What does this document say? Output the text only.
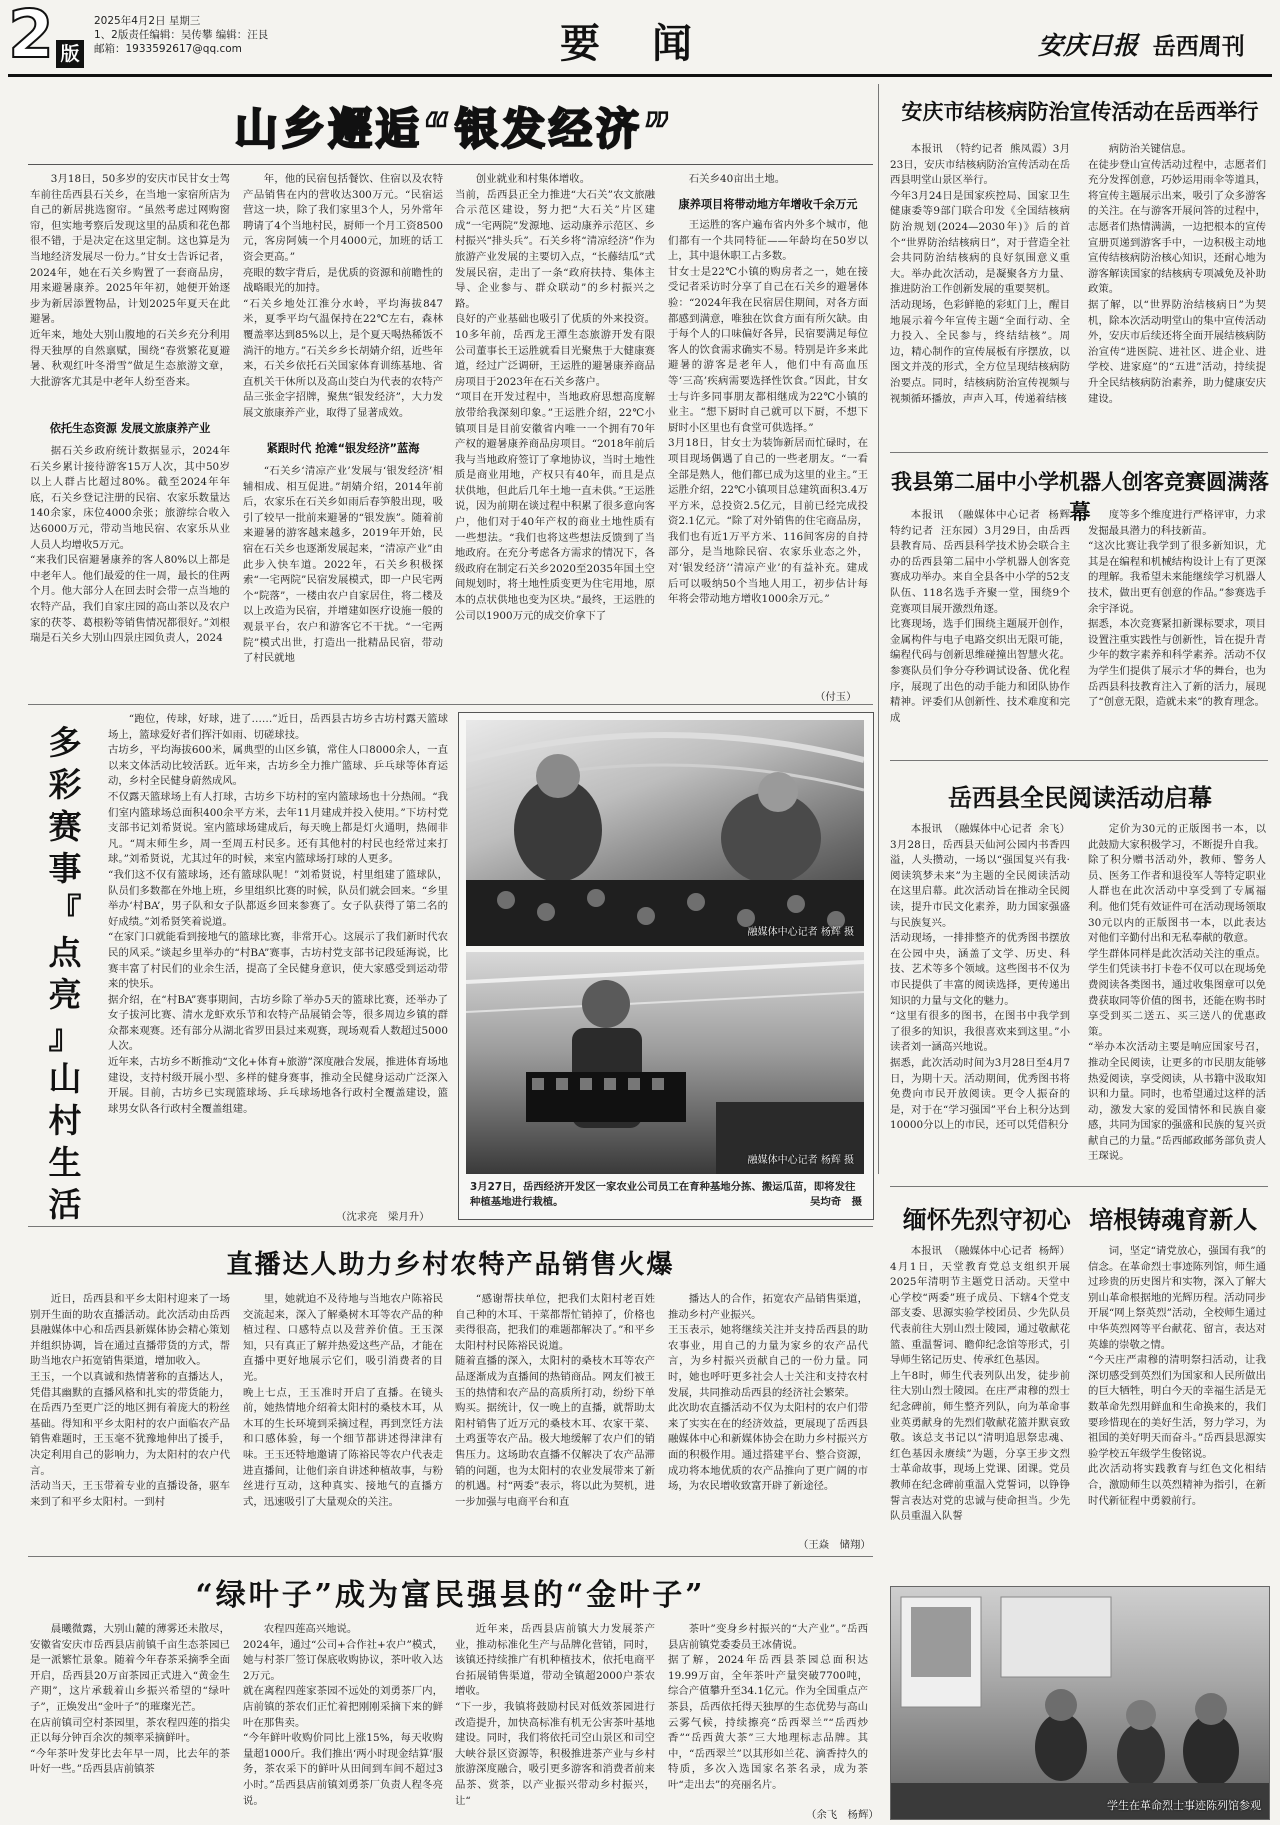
2 版
2025年4月2日 星期三
1、2版责任编辑：吴传攀 编辑：汪艮
邮箱：1933592617@qq.com	要　闻	安庆日报 岳西周刊
山乡邂逅“银发经济”
3月18日，50多岁的安庆市民甘女士驾车前往岳西县石关乡，在当地一家宿所店为自己的新居挑选窗帘。“虽然考虑过网购窗帘，但实地考察后发现这里的品质和花色都很不错，于是决定在这里定制。这也算是为当地经济发展尽一份力。”甘女士告诉记者，2024年，她在石关乡购置了一套商品房，用来避暑康养。2025年年初，她便开始逐步为新居添置物品，计划2025年夏天在此避暑。
近年来，地处大别山腹地的石关乡充分利用得天独厚的自然禀赋，围绕“春赏繁花夏避暑、秋观红叶冬滑雪”做足生态旅游文章，大批游客尤其是中老年人纷至沓来。
依托生态资源 发展文旅康养产业
据石关乡政府统计数据显示，2024年石关乡累计接待游客15万人次，其中50岁以上人群占比超过80%。截至2024年年底，石关乡登记注册的民宿、农家乐数量达140余家，床位4000余张；旅游综合收入达6000万元，带动当地民宿、农家乐从业人员人均增收5万元。
“来我们民宿避暑康养的客人80%以上都是中老年人。他们最爱的住一周，最长的住两个月。他大部分人在回去时会带一点当地的农特产品，我们自家庄园的高山茶以及农户家的茯苓、葛根粉等销售情况都很好。”刘根瑞是石关乡大别山四景庄园负责人，2024
年，他的民宿包括餐饮、住宿以及农特产品销售在内的营收达300万元。“民宿运营这一块，除了我们家里3个人，另外常年聘请了4个当地村民，厨师一个月工资8500元，客房阿姨一个月4000元，加班的话工资会更高。”
亮眼的数字背后，是优质的资源和前瞻性的战略眼光的加持。
“石关乡地处江淮分水岭，平均海拔847米，夏季平均气温保持在22℃左右，森林覆盖率达到85%以上，是个夏天喝热稀饭不淌汗的地方。”石关乡乡长胡婧介绍，近些年来，石关乡依托石关国家体育训练基地、省直机关干休所以及高山茭白为代表的农特产品三张金字招牌，聚焦“银发经济”，大力发展文旅康养产业，取得了显著成效。
紧跟时代 抢滩“银发经济”蓝海
“石关乡‘清凉产业’发展与‘银发经济’相辅相成、相互促进。”胡婧介绍，2014年前后，农家乐在石关乡如雨后春笋般出现，吸引了较早一批前来避暑的“银发族”。随着前来避暑的游客越来越多，2019年开始，民宿在石关乡也逐渐发展起来，“清凉产业”由此步入快车道。2022年，石关乡积极探索“一宅两院”民宿发展模式，即一户民宅两个“院落”，一楼由农户自家居住，将二楼及以上改造为民宿，并增建如医疗设施一般的观景平台，农户和游客它不干扰。“一宅两院”模式出世，打造出一批精品民宿，带动了村民就地
创业就业和村集体增收。
当前，岳西县正全力推进“大石关”农文旅融合示范区建设，努力把“大石关”片区建成“一宅两院”发源地、运动康养示范区、乡村振兴“排头兵”。石关乡将“清凉经济”作为旅游产业发展的主要切入点，“长藤结瓜”式发展民宿，走出了一条“政府扶持、集体主导、企业参与、群众联动”的乡村振兴之路。
良好的产业基础也吸引了优质的外来投资。10多年前，岳西龙王潭生态旅游开发有限公司董事长王运胜就看目光聚焦于大健康赛道，经过广泛调研，王运胜的避暑康养商品房项目于2023年在石关乡落户。
“项目在开发过程中，当地政府思想高度解放带给我深刻印象。”王运胜介绍，22℃小镇项目是目前安徽省内唯一一个拥有70年产权的避暑康养商品房项目。“2018年前后我与当地政府签订了拿地协议，当时土地性质是商业用地，产权只有40年，而且是点状供地，但此后几年土地一直未供。”王运胜说，因为前期在谈过程中积累了很多意向客户，他们对于40年产权的商业土地性质有一些想法。“我们也将这些想法反馈到了当地政府。在充分考虑各方需求的情况下，各级政府在制定石关乡2020至2035年国土空间规划时，将土地性质变更为住宅用地，原本的点状供地也变为区块。”最终，王运胜的公司以1900万元的成交价拿下了
石关乡40亩出土地。
康养项目将带动地方年增收千余万元
王运胜的客户遍布省内外多个城市，他们都有一个共同特征——年龄均在50岁以上，其中退休职工占多数。
甘女士是22℃小镇的购房者之一，她在接受记者采访时分享了自己在石关乡的避暑体验：“2024年我在民宿居住期间，对各方面都感到满意，唯独在饮食方面有所欠缺。由于每个人的口味偏好各异，民宿要满足每位客人的饮食需求确实不易。特别是许多来此避暑的游客是老年人，他们中有高血压等‘三高’疾病需要选择性饮食。”因此，甘女士与许多同事朋友都相继成为22℃小镇的业主。“想下厨时自己就可以下厨，不想下厨时小区里也有食堂可供选择。”
3月18日，甘女士为装饰新居而忙碌时，在项目现场偶遇了自己的一些老朋友。“一看全部是熟人，他们都已成为这里的业主。”王运胜介绍，22℃小镇项目总建筑面积3.4万平方米，总投资2.5亿元，目前已经完成投资2.1亿元。“除了对外销售的住宅商品房，我们也有近1万平方米、116间客房的自持部分，是当地除民宿、农家乐业态之外，对‘银发经济’‘清凉产业’的有益补充。建成后可以吸纳50个当地人用工，初步估计每年将会带动地方增收1000余万元。”
（付玉）
安庆市结核病防治宣传活动在岳西举行
本报讯  （特约记者  熊凤霞）3月23日，安庆市结核病防治宣传活动在岳西县明堂山景区举行。
今年3月24日是国家疾控局、国家卫生健康委等9部门联合印发《全国结核病防治规划(2024—2030年)》后的首个“世界防治结核病日”，对于营造全社会共同防治结核病的良好氛围意义重大。举办此次活动，是凝聚各方力量、推进防治工作创新发展的重要契机。
活动现场，色彩鲜艳的彩虹门上，醒目地展示着今年宣传主题“全面行动、全力投入、全民参与，终结结核”。周边，精心制作的宣传展板有序摆放，以图文并茂的形式，全方位呈现结核病防治要点。同时，结核病防治宣传视频与视频循环播放，声声入耳，传递着结核
病防治关键信息。
在徒步登山宣传活动过程中，志愿者们充分发挥创意，巧妙运用雨伞等道具，将宣传主题展示出来，吸引了众多游客的关注。在与游客开展问答的过程中，志愿者们热情满满，一边把根本的宣传宣册页递到游客手中，一边积极主动地宣传结核病防治核心知识，还耐心地为游客解读国家的结核病专项减免及补助政策。
据了解，以“世界防治结核病日”为契机，除本次活动明堂山的集中宣传活动外，安庆市后续还将全面开展结核病防治宣传“进医院、进社区、进企业、进学校、进家庭”的“五进”活动，持续提升全民结核病防治素养，助力健康安庆建设。
我县第二届中小学机器人创客竞赛圆满落幕
本报讯  （融媒体中心记者  杨辉  特约记者  汪东园）3月29日，由岳西县教育局、岳西县科学技术协会联合主办的岳西县第二届中小学机器人创客竞赛成功举办。来自全县各中小学的52支队伍、118名选手齐聚一堂，围绕9个竞赛项目展开激烈角逐。
比赛现场，选手们围绕主题展开创作，金属构件与电子电路交织出无限可能，编程代码与创新思维碰撞出智慧火花。参赛队员们争分夺秒调试设备、优化程序，展现了出色的动手能力和团队协作精神。评委们从创新性、技术难度和完成
度等多个维度进行严格评审，力求发掘最具潜力的科技新苗。
“这次比赛让我学到了很多新知识，尤其是在编程和机械结构设计上有了更深的理解。我希望未来能继续学习机器人技术，做出更有创意的作品。”参赛选手余宇泽说。
据悉，本次竞赛紧扣新课标要求，项目设置注重实践性与创新性，旨在提升青少年的数字素养和科学素养。活动不仅为学生们提供了展示才华的舞台，也为岳西县科技教育注入了新的活力，展现了“创意无限，造就未来”的教育理念。
岳西县全民阅读活动启幕
本报讯  （融媒体中心记者  余飞）3月28日，岳西县天仙河公园内书香四溢，人头攒动，一场以“强国复兴有我·阅读筑梦未来”为主题的全民阅读活动在这里启幕。此次活动旨在推动全民阅读，提升市民文化素养，助力国家强盛与民族复兴。
活动现场，一排排整齐的优秀图书摆放在公园中央，涵盖了文学、历史、科技、艺术等多个领域。这些图书不仅为市民提供了丰富的阅读选择，更传递出知识的力量与文化的魅力。
“这里有很多的图书，在图书中我学到了很多的知识，我很喜欢来到这里。”小读者刘一涵高兴地说。
据悉，此次活动时间为3月28日至4月7日，为期十天。活动期间，优秀图书将免费向市民开放阅读。更令人振奋的是，对于在“学习强国”平台上积分达到10000分以上的市民，还可以凭借积分
定价为30元的正版图书一本，以此鼓励大家积极学习，不断提升自我。
除了积分赠书活动外，教师、警务人员、医务工作者和退役军人等特定职业人群也在此次活动中享受到了专属福利。他们凭有效证件可在活动现场领取30元以内的正版图书一本，以此表达对他们辛勤付出和无私奉献的敬意。
学生群体同样是此次活动关注的重点。学生们凭读书打卡卷不仅可以在现场免费阅读各类图书，通过收集图章可以免费获取同等价值的图书，还能在购书时享受到买二送五、买三送八的优惠政策。
“举办本次活动主要是响应国家号召，推动全民阅读，让更多的市民朋友能够热爱阅读，享受阅读，从书籍中汲取知识和力量。同时，也希望通过这样的活动，激发大家的爱国情怀和民族自豪感，共同为国家的强盛和民族的复兴贡献自己的力量。”岳西邮政邮务部负责人王琛说。
多
彩
赛
事
『
点
亮
』
山
村
生
活
“跑位，传球，好球，进了……”近日，岳西县古坊乡古坊村露天篮球场上，篮球爱好者们挥汗如雨、切磋球技。
古坊乡，平均海拔600米，属典型的山区乡镇，常住人口8000余人，一直以来文体活动比较活跃。近年来，古坊乡全力推广篮球、乒乓球等体育运动，乡村全民健身蔚然成风。
不仅露天篮球场上有人打球，古坊乡下坊村的室内篮球场也十分热闹。“我们室内篮球场总面积400余平方米，去年11月建成并投入使用。”下坊村党支部书记刘希贤说。室内篮球场建成后，每天晚上都是灯火通明，热闹非凡。“周末师生乡，周一至周五村民多。还有其他村的村民也经常过来打球。”刘希贤说，尤其过年的时候，来室内篮球场打球的人更多。
“我们这不仅有篮球场，还有篮球队呢！”刘希贤说，村里组建了篮球队，队员们多数都在外地上班，乡里组织比赛的时候，队员们就会回来。“乡里举办‘村BA’，男子队和女子队都返乡回来参赛了。女子队获得了第二名的好成绩。”刘希贤笑着说道。
“在家门口就能看到接地气的篮球比赛，非常开心。这展示了我们新时代农民的风采。”谈起乡里举办的“村BA”赛事，古坊村党支部书记段延海说，比赛丰富了村民们的业余生活，提高了全民健身意识，使大家感受到运动带来的快乐。
据介绍，在“村BA”赛事期间，古坊乡除了举办5天的篮球比赛，还举办了女子拔河比赛、清水龙虾欢乐节和农特产品展销会等，很多周边乡镇的群众都来观赛。还有部分从湖北省罗田县过来观赛，现场观看人数超过5000人次。
近年来，古坊乡不断推动“文化+体育+旅游”深度融合发展，推进体育场地建设，支持村级开展小型、多样的健身赛事，推动全民健身运动广泛深入开展。目前，古坊乡已实现篮球场、乒乓球场地各行政村全覆盖建设，篮球男女队各行政村全覆盖组建。
（沈求亮　梁月升）
融媒体中心记者 杨辉 摄
融媒体中心记者 杨辉 摄
3月27日，岳西经济开发区一家农业公司员工在育种基地分拣、搬运瓜苗，即将发往种植基地进行栽植。	吴均奇　摄
缅怀先烈守初心 培根铸魂育新人
本报讯  （融媒体中心记者  杨辉）4月1日，天堂教育党总支组织开展2025年清明节主题党日活动。天堂中心学校“两委”班子成员、下辖4个党支部支委、思源实验学校团员、少先队员代表前往大别山烈士陵园，通过敬献花篮、重温誓词、瞻仰纪念馆等形式，引导师生铭记历史、传承红色基因。
上午8时，师生代表列队出发，徒步前往大别山烈士陵园。在庄严肃穆的烈士纪念碑前，师生整齐列队，向为革命事业英勇献身的先烈们敬献花篮并默哀致敬。该总支书记以“清明追思祭忠魂、红色基因永赓续”为题，分享王步文烈士革命故事，现场上党课、团课。党员教师在纪念碑前重温入党誓词，以铮铮誓言表达对党的忠诚与使命担当。少先队员重温入队誓
词，坚定“请党放心，强国有我”的信念。在革命烈士事迹陈列馆，师生通过珍贵的历史图片和实物，深入了解大别山革命根据地的光辉历程。活动同步开展“网上祭英烈”活动，全校师生通过中华英烈网等平台献花、留言，表达对英雄的崇敬之情。
“今天庄严肃穆的清明祭扫活动，让我深切感受到英烈们为国家和人民所做出的巨大牺牲，明白今天的幸福生活是无数革命先烈用鲜血和生命换来的，我们要珍惜现在的美好生活，努力学习，为祖国的美好明天而奋斗。”岳西县思源实验学校五年级学生俊铭说。
此次活动将实践教育与红色文化相结合，激励师生以英烈精神为指引，在新时代新征程中勇毅前行。
学生在革命烈士事迹陈列馆参观
直播达人助力乡村农特产品销售火爆
近日，岳西县和平乡太阳村迎来了一场别开生面的助农直播活动。此次活动由岳西县融媒体中心和岳西县新媒体协会精心策划并组织协调，旨在通过直播带货的方式，帮助当地农户拓宽销售渠道，增加收入。
王玉，一个以真诚和热情著称的直播达人，凭借其幽默的直播风格和扎实的带货能力，在岳西乃至更广泛的地区拥有着庞大的粉丝基础。得知和平乡太阳村的农户面临农产品销售难题时，王玉毫不犹豫地伸出了援手，决定利用自己的影响力，为太阳村的农户代言。
活动当天，王玉带着专业的直播设备，驱车来到了和平乡太阳村。一到村
里，她就迫不及待地与当地农户陈裕民交流起来，深入了解桑树木耳等农产品的种植过程、口感特点以及营养价值。王玉深知，只有真正了解并热爱这些产品，才能在直播中更好地展示它们，吸引消费者的目光。
晚上七点，王玉准时开启了直播。在镜头前，她热情地介绍着太阳村的桑枝木耳，从木耳的生长环境到采摘过程，再到烹饪方法和口感体验，每一个细节都讲述得津津有味。王玉还特地邀请了陈裕民等农户代表走进直播间，让他们亲自讲述种植故事，与粉丝进行互动，这种真实、接地气的直播方式，迅速吸引了大量观众的关注。
“感谢帮扶单位，把我们太阳村老百姓自己种的木耳、干菜都帮忙销掉了，价格也卖得很高，把我们的难题都解决了。”和平乡太阳村村民陈裕民说道。
随着直播的深入，太阳村的桑枝木耳等农产品逐渐成为直播间的热销商品。网友们被王玉的热情和农产品的高质所打动，纷纷下单购买。据统计，仅一晚上的直播，就帮助太阳村销售了近万元的桑枝木耳、农家干菜、土鸡蛋等农产品。极大地缓解了农户们的销售压力。这场助农直播不仅解决了农产品滞销的问题，也为太阳村的农业发展带来了新的机遇。村“两委”表示，将以此为契机，进一步加强与电商平台和直
播达人的合作，拓宽农产品销售渠道，推动乡村产业振兴。
王玉表示，她将继续关注并支持岳西县的助农事业，用自己的力量为家乡的农产品代言，为乡村振兴贡献自己的一份力量。同时，她也呼吁更多社会人士关注和支持农村发展，共同推动岳西县的经济社会繁荣。
此次助农直播活动不仅为太阳村的农户们带来了实实在在的经济效益，更展现了岳西县融媒体中心和新媒体协会在助力乡村振兴方面的积极作用。通过搭建平台、整合资源，成功将本地优质的农产品推向了更广阔的市场，为农民增收致富开辟了新途径。
（王焱　储翔）
“绿叶子”成为富民强县的“金叶子”
晨曦微露，大别山麓的薄雾还未散尽，安徽省安庆市岳西县店前镇千亩生态茶园已是一派繁忙景象。随着今年春茶采摘季全面开启，岳西县20万亩茶园正式进入“黄金生产期”，这片承载着山乡振兴希望的“绿叶子”，正焕发出“金叶子”的璀璨光芒。
在店前镇司空村茶园里，茶农程四莲的指尖正以每分钟百余次的频率采摘鲜叶。
“今年茶叶发芽比去年早一周，比去年的茶叶好一些。”岳西县店前镇茶
农程四莲高兴地说。
2024年，通过“公司+合作社+农户”模式，她与村茶厂签订保底收购协议，茶叶收入达2万元。
就在离程四莲家茶园不远处的刘勇茶厂内，店前镇的茶农们正忙着把刚刚采摘下来的鲜叶在那售卖。
“今年鲜叶收购价同比上涨15%，每天收购量超1000斤。我们推出‘两小时现金结算’服务，茶农采下的鲜叶从田间到车间不超过3小时。”岳西县店前镇刘勇茶厂负责人程冬亮说。
近年来，岳西县店前镇大力发展茶产业，推动标准化生产与品牌化营销，同时，该镇还持续推广有机种植技术，依托电商平台拓展销售渠道，带动全镇超2000户茶农增收。
“下一步，我镇将鼓励村民对低效茶园进行改造提升，加快高标准有机无公害茶叶基地建设。同时，我们将依托司空山景区和司空大峡谷景区资源等，积极推进茶产业与乡村旅游深度融合，吸引更多游客和消费者前来品茶、赏茶，以产业振兴带动乡村振兴，让“
茶叶”变身乡村振兴的“大产业”。”岳西县店前镇党委委员王冰倩说。
据了解，2024年岳西县茶园总面积达19.99万亩，全年茶叶产量突破7700吨，综合产值攀升至34.1亿元。作为全国重点产茶县，岳西依托得天独厚的生态优势与高山云雾气候，持续擦亮“岳西翠兰”“岳西炒香”“岳西黄大茶”三大地理标志品牌。其中，“岳西翠兰”以其形如兰花、滴香持久的特质，多次入选国家名茶名录，成为茶叶“走出去”的亮丽名片。
（余飞　杨辉）
